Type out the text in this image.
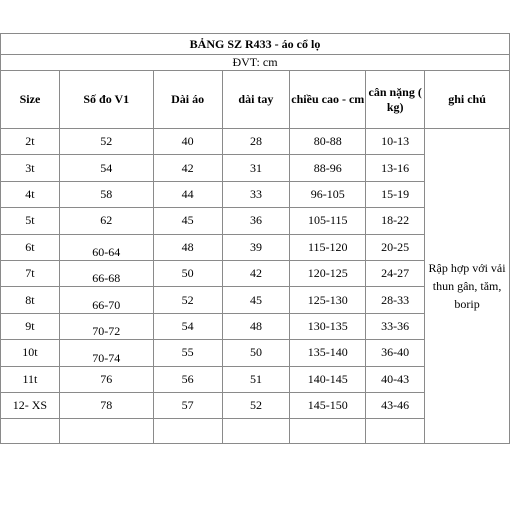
BẢNG SZ R433 - áo cổ lọ						
ĐVT: cm						
Size	Số đo V1	Dài áo	dài tay	chiều cao - cm	cân nặng ( kg)	ghi chú
2t	52	40	28	80-88	10-13	Rập hợp với vải thun gân, tăm, borip
3t	54	42	31	88-96	13-16	
4t	58	44	33	96-105	15-19	
5t	62	45	36	105-115	18-22	
6t	60-64	48	39	115-120	20-25	
7t	66-68	50	42	120-125	24-27	
8t	66-70	52	45	125-130	28-33	
9t	70-72	54	48	130-135	33-36	
10t	70-74	55	50	135-140	36-40	
11t	76	56	51	140-145	40-43	
12- XS	78	57	52	145-150	43-46	
